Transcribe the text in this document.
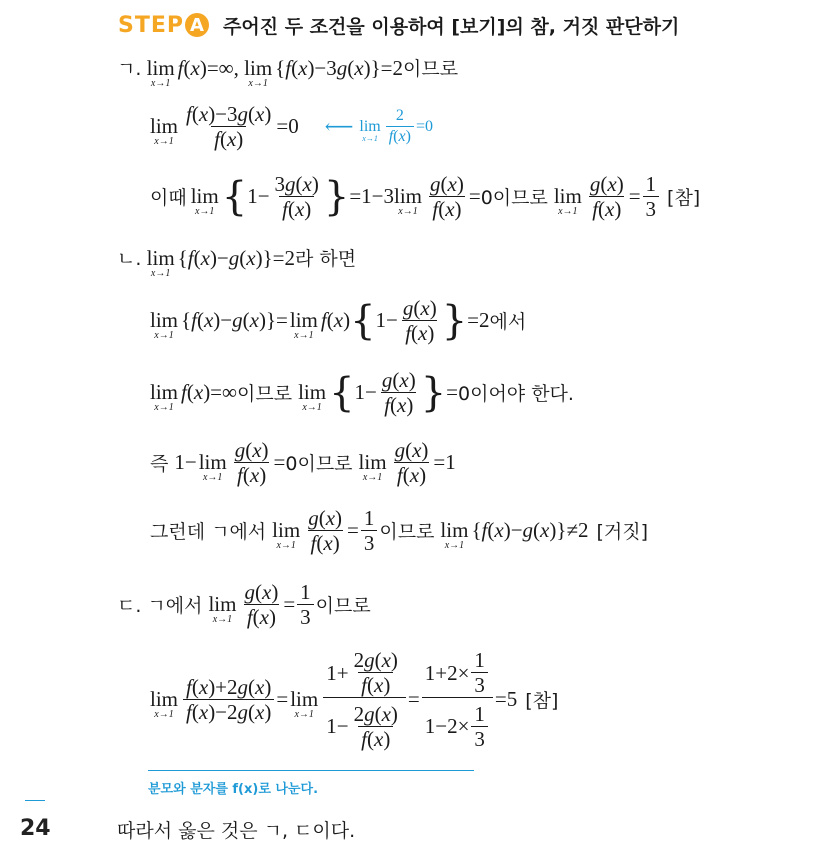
STEP A 주어진 두 조건을 이용하여 [보기]의 참, 거짓 판단하기
ㄱ. lim
x→1
f(x)=∞, lim
x→1
{f(x)−3g(x)}=2이므로
lim
$x\to 1 \frac{f(x)-3g(x)}{f(x)} =0$ ⟵ lim
$x\to 1 \frac{2}{f(x)} =0$
이때 lim
x→1 { $1- \frac{3g(x)}{f(x)}$ } =1−3 lim
$x\to 1 \frac{g(x)}{f(x)} = 0$이므로 lim
$x\to 1 \frac{g(x)}{f(x)} = \frac{1}{3}$ [참]
ㄴ. lim
x→1
{f(x)−g(x)}=2라 하면
lim
x→1
{ f ( x )− g ( x )}= lim
x→1
f ( x ) { $1- \frac{g(x)}{f(x)}$ } =2 에서
lim
x→1
f ( x )=∞ 이므로 lim
x→1 { $1- \frac{g(x)}{f(x)}$ } = 0이어야 한다.
즉 1− lim
$x\to 1 \frac{g(x)}{f(x)} = 0$이므로 lim
$x\to 1 \frac{g(x)}{f(x)} =1$
그런데 ㄱ에서 lim
$x\to 1 \frac{g(x)}{f(x)} = \frac{1}{3}$ 이므로 lim
x→1
{ f ( x )− g ( x )}≠2 [거짓]
ㄷ. ㄱ에서 lim
$x\to 1 \frac{g(x)}{f(x)} = \frac{1}{3}$ 이므로
lim
$x\to 1 \frac{f(x)+2g(x)}{f(x)-2g(x)} = \lim$
$x\to 1 \frac{1+ \frac{2g(x)}{f(x)}}{1- \frac{2g(x)}{f(x)}} = \frac{1+2\times \frac{1}{3}}{1-2\times \frac{1}{3}} =5$ [참]
분모와 분자를 f(x)로 나눈다.
24	따라서 옳은 것은 ㄱ, ㄷ이다.
